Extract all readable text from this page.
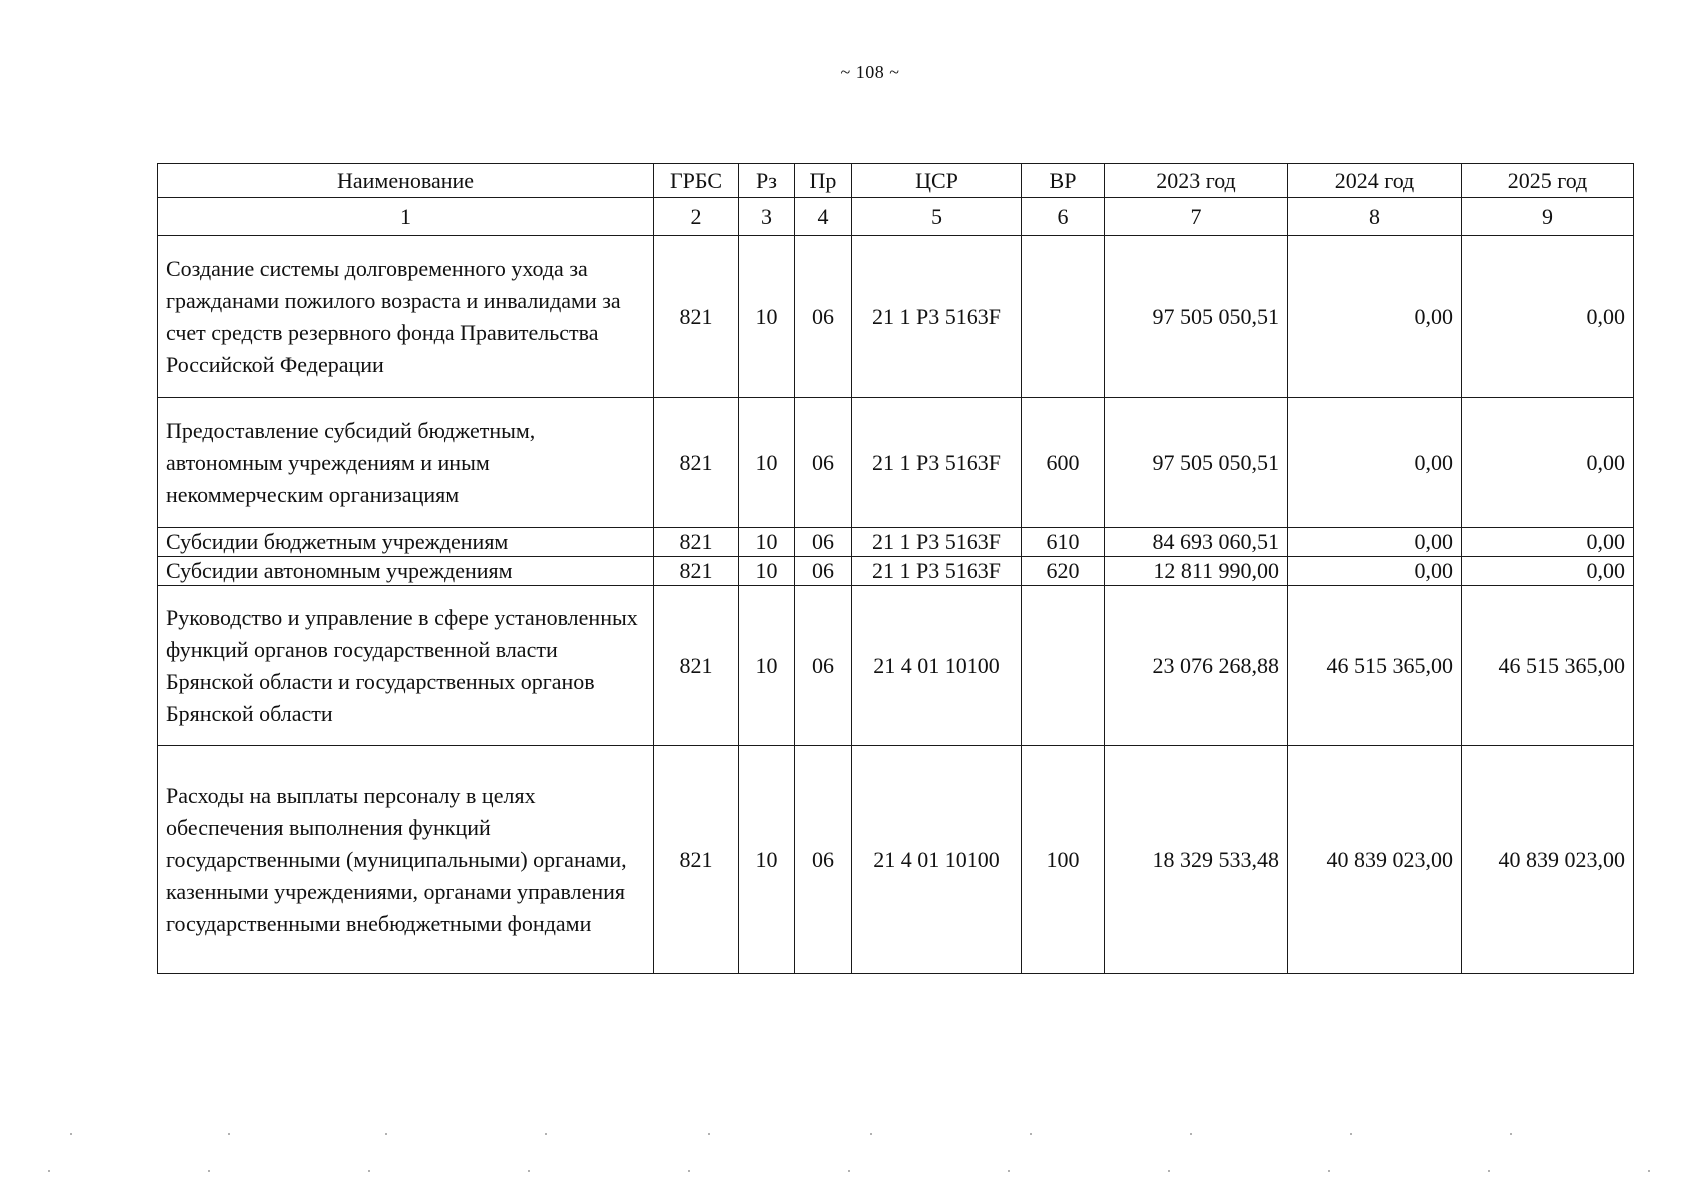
~ 108 ~
Наименование	ГРБС	Рз	Пр	ЦСР	ВР	2023 год	2024 год	2025 год
1	2	3	4	5	6	7	8	9
Создание системы долговременного ухода за гражданами пожилого возраста и инвалидами за счет средств резервного фонда Правительства Российской Федерации	821	10	06	21 1 Р3 5163F		97 505 050,51	0,00	0,00
Предоставление субсидий бюджетным, автономным учреждениям и иным некоммерческим организациям	821	10	06	21 1 Р3 5163F	600	97 505 050,51	0,00	0,00
Субсидии бюджетным учреждениям	821	10	06	21 1 Р3 5163F	610	84 693 060,51	0,00	0,00
Субсидии автономным учреждениям	821	10	06	21 1 Р3 5163F	620	12 811 990,00	0,00	0,00
Руководство и управление в сфере установленных функций органов государственной власти Брянской области и государственных органов Брянской области	821	10	06	21 4 01 10100		23 076 268,88	46 515 365,00	46 515 365,00
Расходы на выплаты персоналу в целях обеспечения выполнения функций государственными (муниципальными) органами, казенными учреждениями, органами управления государственными внебюджетными фондами	821	10	06	21 4 01 10100	100	18 329 533,48	40 839 023,00	40 839 023,00
